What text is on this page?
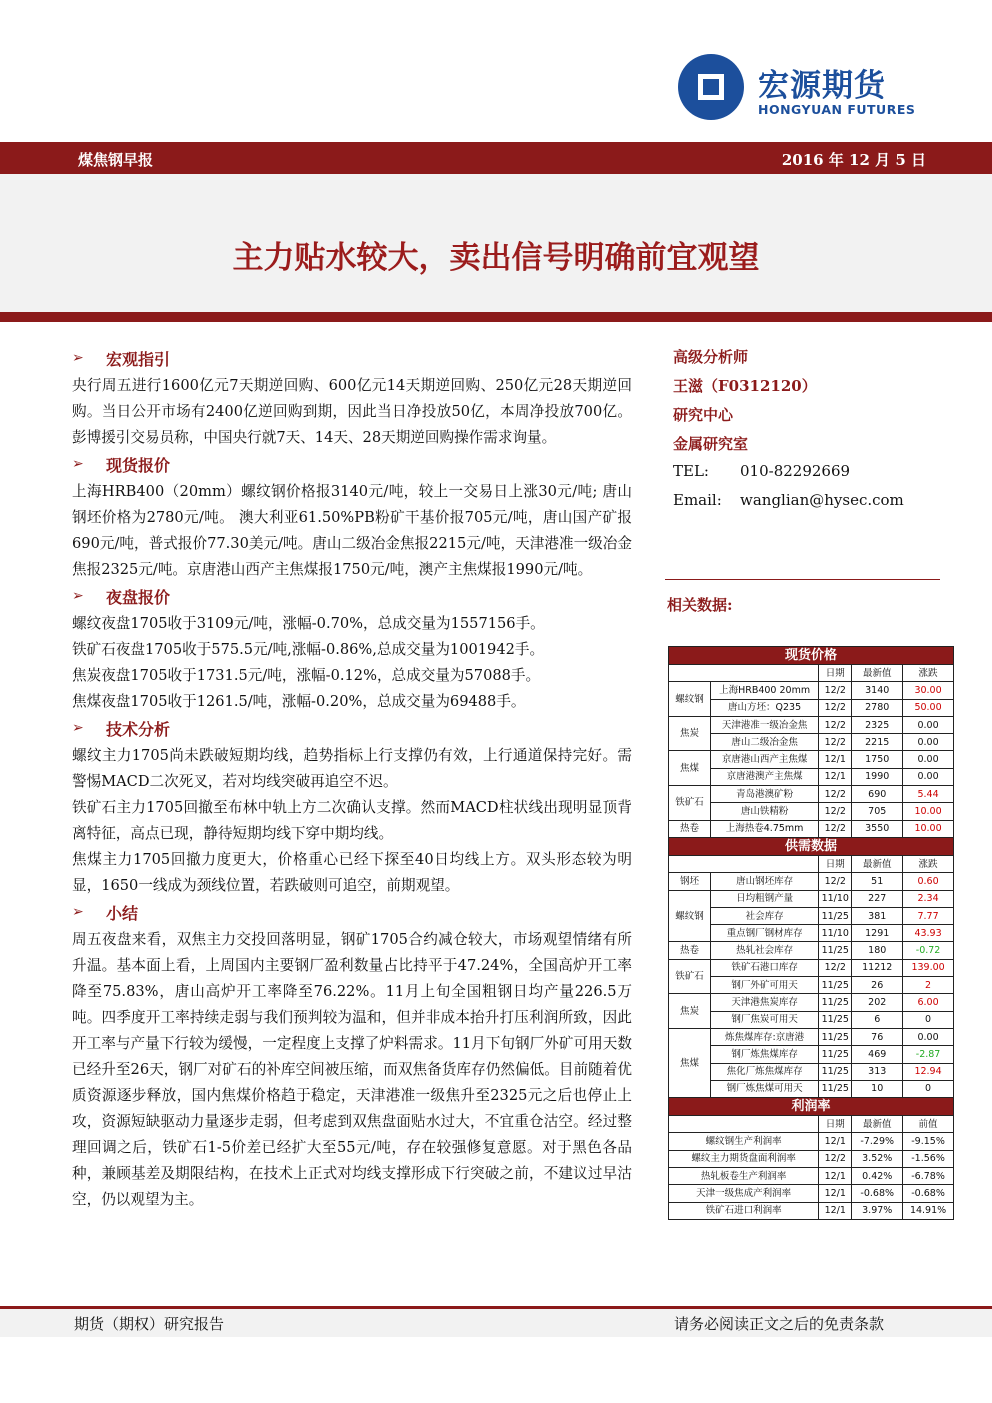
宏源期货
HONGYUAN FUTURES
煤焦钢早报	2016 年 12 月 5 日
主力贴水较大，卖出信号明确前宜观望
➢ 宏观指引

央行周五进行1600亿元7天期逆回购、600亿元14天期逆回购、250亿元28天期逆回购。当日公开市场有2400亿逆回购到期，因此当日净投放50亿，本周净投放700亿。彭博援引交易员称，中国央行就7天、14天、28天期逆回购操作需求询量。

➢ 现货报价

上海HRB400（20mm）螺纹钢价格报3140元/吨，较上一交易日上涨30元/吨; 唐山钢坯价格为2780元/吨。 澳大利亚61.50%PB粉矿干基价报705元/吨，唐山国产矿报690元/吨，普式报价77.30美元/吨。唐山二级冶金焦报2215元/吨，天津港准一级冶金焦报2325元/吨。京唐港山西产主焦煤报1750元/吨，澳产主焦煤报1990元/吨。

➢ 夜盘报价

螺纹夜盘1705收于3109元/吨，涨幅-0.70%，总成交量为1557156手。

铁矿石夜盘1705收于575.5元/吨,涨幅-0.86%,总成交量为1001942手。

焦炭夜盘1705收于1731.5元/吨，涨幅-0.12%，总成交量为57088手。

焦煤夜盘1705收于1261.5/吨，涨幅-0.20%，总成交量为69488手。

➢ 技术分析

螺纹主力1705尚未跌破短期均线，趋势指标上行支撑仍有效，上行通道保持完好。需警惕MACD二次死叉，若对均线突破再追空不迟。

铁矿石主力1705回撤至布林中轨上方二次确认支撑。然而MACD柱状线出现明显顶背离特征，高点已现，静待短期均线下穿中期均线。

焦煤主力1705回撤力度更大，价格重心已经下探至40日均线上方。双头形态较为明显，1650一线成为颈线位置，若跌破则可追空，前期观望。

➢ 小结

周五夜盘来看，双焦主力交投回落明显，钢矿1705合约减仓较大，市场观望情绪有所升温。基本面上看，上周国内主要钢厂盈利数量占比持平于47.24%，全国高炉开工率降至75.83%，唐山高炉开工率降至76.22%。11月上旬全国粗钢日均产量226.5万吨。四季度开工率持续走弱与我们预判较为温和，但并非成本抬升打压利润所致，因此开工率与产量下行较为缓慢，一定程度上支撑了炉料需求。11月下旬钢厂外矿可用天数已经升至26天，钢厂对矿石的补库空间被压缩，而双焦备货库存仍然偏低。目前随着优质资源逐步释放，国内焦煤价格趋于稳定，天津港准一级焦升至2325元之后也停止上攻，资源短缺驱动力量逐步走弱，但考虑到双焦盘面贴水过大，不宜重仓沽空。经过整理回调之后，铁矿石1-5价差已经扩大至55元/吨，存在较强修复意愿。对于黑色各品种，兼顾基差及期限结构，在技术上正式对均线支撑形成下行突破之前，不建议过早沽空，仍以观望为主。

高级分析师
王滋（F0312120）
研究中心
金属研究室
TEL: 010-82292669
Email: wanglian@hysec.com
相关数据:
现货价格				
		日期	最新值	涨跌
螺纹钢	上海HRB400 20mm	12/2	3140	30.00
	唐山方坯：Q235	12/2	2780	50.00
焦炭	天津港准一级冶金焦	12/2	2325	0.00
	唐山二级冶金焦	12/2	2215	0.00
焦煤	京唐港山西产主焦煤	12/1	1750	0.00
	京唐港澳产主焦煤	12/1	1990	0.00
铁矿石	青岛港澳矿粉	12/2	690	5.44
	唐山铁精粉	12/2	705	10.00
热卷	上海热卷4.75mm	12/2	3550	10.00
供需数据				
		日期	最新值	涨跌
钢坯	唐山钢坯库存	12/2	51	0.60
螺纹钢	日均粗钢产量	11/10	227	2.34
	社会库存	11/25	381	7.77
	重点钢厂钢材库存	11/10	1291	43.93
热卷	热轧社会库存	11/25	180	-0.72
铁矿石	铁矿石港口库存	12/2	11212	139.00
	钢厂外矿可用天	11/25	26	2
焦炭	天津港焦炭库存	11/25	202	6.00
	钢厂焦炭可用天	11/25	6	0
焦煤	炼焦煤库存:京唐港	11/25	76	0.00
	钢厂炼焦煤库存	11/25	469	-2.87
	焦化厂炼焦煤库存	11/25	313	12.94
	钢厂炼焦煤可用天	11/25	10	0
利润率				
		日期	最新值	前值
螺纹钢生产利润率		12/1	-7.29%	-9.15%
螺纹主力期货盘面利润率		12/2	3.52%	-1.56%
热轧板卷生产利润率		12/1	0.42%	-6.78%
天津一级焦成产利润率		12/1	-0.68%	-0.68%
铁矿石进口利润率		12/1	3.97%	14.91%
期货（期权）研究报告	请务必阅读正文之后的免责条款
